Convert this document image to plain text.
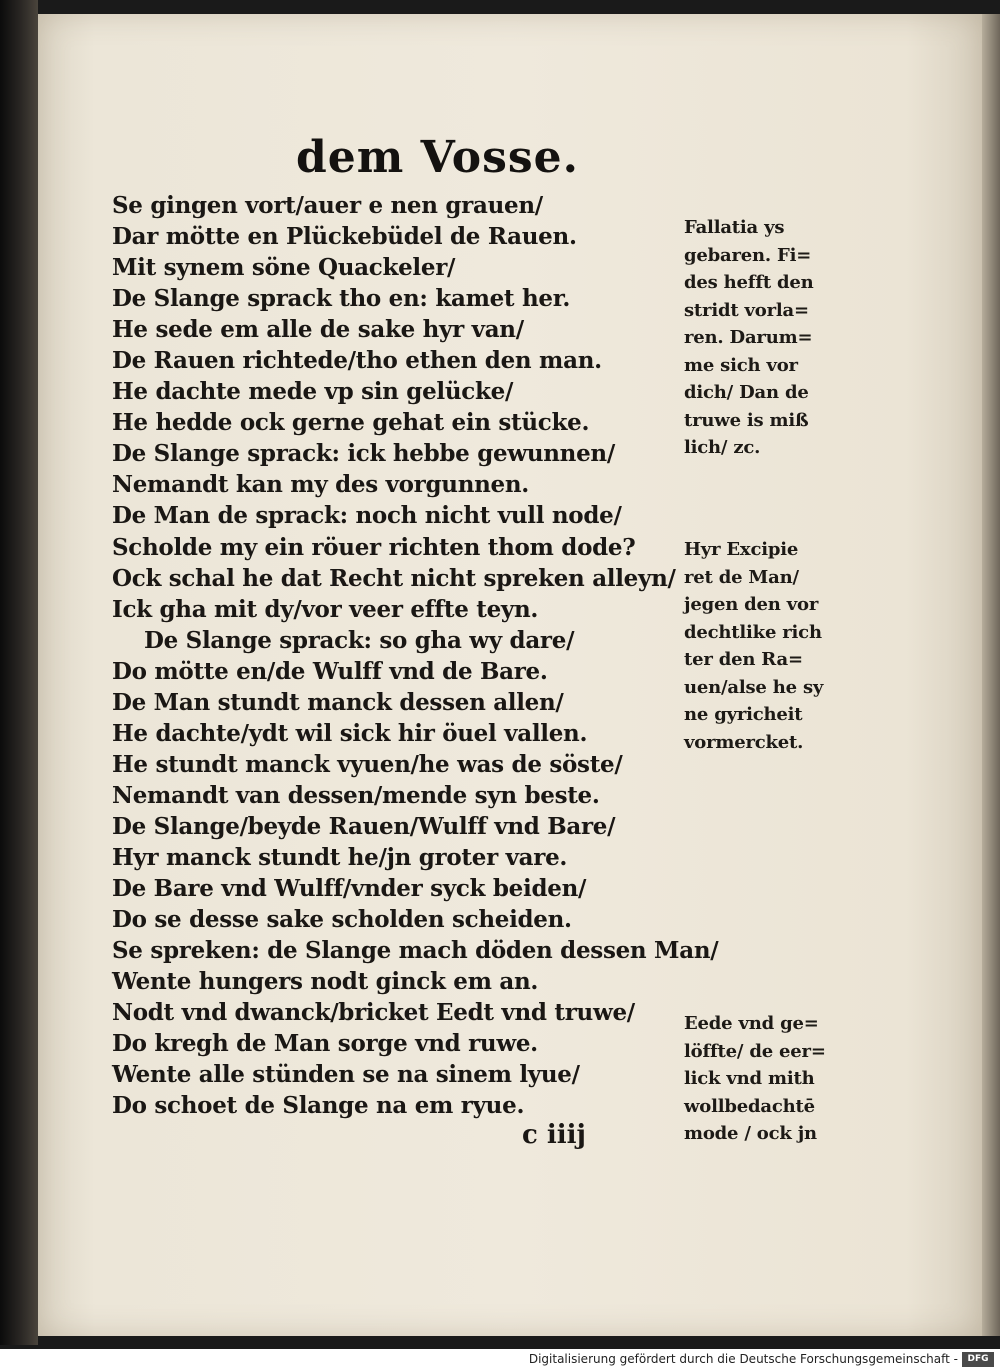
dem Vosse.
Se gingen vort/auer e nen grauen/
Dar mötte en Plückebüdel de Rauen.
Mit synem söne Quackeler/
De Slange sprack tho en: kamet her.
He sede em alle de sake hyr van/
De Rauen richtede/tho ethen den man.
He dachte mede vp sin gelücke/
He hedde ock gerne gehat ein stücke.
De Slange sprack: ick hebbe gewunnen/
Nemandt kan my des vorgunnen.
De Man de sprack: noch nicht vull node/
Scholde my ein röuer richten thom dode?
Ock schal he dat Recht nicht spreken alleyn/
Ick gha mit dy/vor veer effte teyn.
De Slange sprack: so gha wy dare/
Do mötte en/de Wulff vnd de Bare.
De Man stundt manck dessen allen/
He dachte/ydt wil sick hir öuel vallen.
He stundt manck vyuen/he was de söste/
Nemandt van dessen/mende syn beste.
De Slange/beyde Rauen/Wulff vnd Bare/
Hyr manck stundt he/jn groter vare.
De Bare vnd Wulff/vnder syck beiden/
Do se desse sake scholden scheiden.
Se spreken: de Slange mach döden dessen Man/
Wente hungers nodt ginck em an.
Nodt vnd dwanck/bricket Eedt vnd truwe/
Do kregh de Man sorge vnd ruwe.
Wente alle stünden se na sinem lyue/
Do schoet de Slange na em ryue.
Fallatia ys
gebaren. Fi=
des hefft den
stridt vorla=
ren. Darum=
me sich vor
dich/ Dan de
truwe is miß
lich/ zc.
Hyr Excipie
ret de Man/
jegen den vor
dechtlike rich
ter den Ra=
uen/alse he sy
ne gyricheit
vormercket.
Eede vnd ge=
löffte/ de eer=
lick vnd mith
wollbedachtē
mode / ock jn
c iiij
Digitalisierung gefördert durch die Deutsche Forschungsgemeinschaft -	DFG
